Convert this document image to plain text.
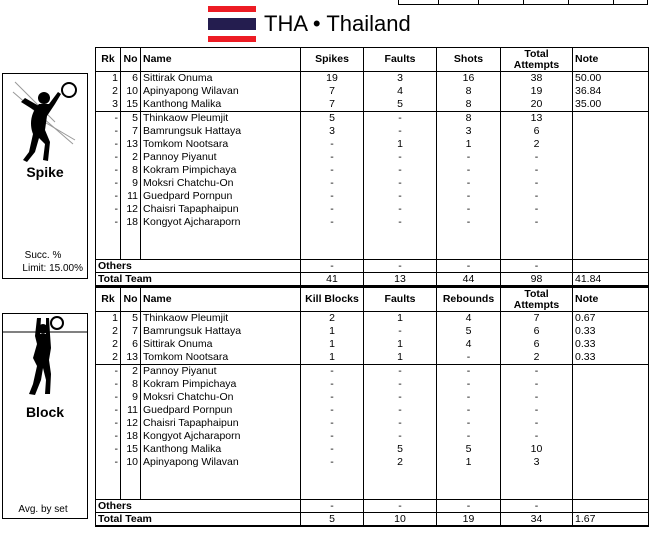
THA • Thailand
Spike
Succ. %
Limit: 15.00%
Block
Avg. by set
Rk	No	Name	Spikes	Faults	Shots	Total Attempts	Note
1	6	Sittirak Onuma	19	3	16	38	50.00
2	10	Apinyapong Wilavan	7	4	8	19	36.84
3	15	Kanthong Malika	7	5	8	20	35.00
-	5	Thinkaow Pleumjit	5	-	8	13	
-	7	Bamrungsuk Hattaya	3	-	3	6	
-	13	Tomkom Nootsara	-	1	1	2	
-	2	Pannoy Piyanut	-	-	-	-	
-	8	Kokram Pimpichaya	-	-	-	-	
-	9	Moksri Chatchu-On	-	-	-	-	
-	11	Guedpard Pornpun	-	-	-	-	
-	12	Chaisri Tapaphaipun	-	-	-	-	
-	18	Kongyot Ajcharaporn	-	-	-	-	

Others			-	-	-	-	
Total Team			41	13	44	98	41.84
Rk	No	Name	Kill Blocks	Faults	Rebounds	Total Attempts	Note
1	5	Thinkaow Pleumjit	2	1	4	7	0.67
2	7	Bamrungsuk Hattaya	1	-	5	6	0.33
2	6	Sittirak Onuma	1	1	4	6	0.33
2	13	Tomkom Nootsara	1	1	-	2	0.33
-	2	Pannoy Piyanut	-	-	-	-	
-	8	Kokram Pimpichaya	-	-	-	-	
-	9	Moksri Chatchu-On	-	-	-	-	
-	11	Guedpard Pornpun	-	-	-	-	
-	12	Chaisri Tapaphaipun	-	-	-	-	
-	18	Kongyot Ajcharaporn	-	-	-	-	
-	15	Kanthong Malika	-	5	5	10	
-	10	Apinyapong Wilavan	-	2	1	3	

Others			-	-	-	-	
Total Team			5	10	19	34	1.67
